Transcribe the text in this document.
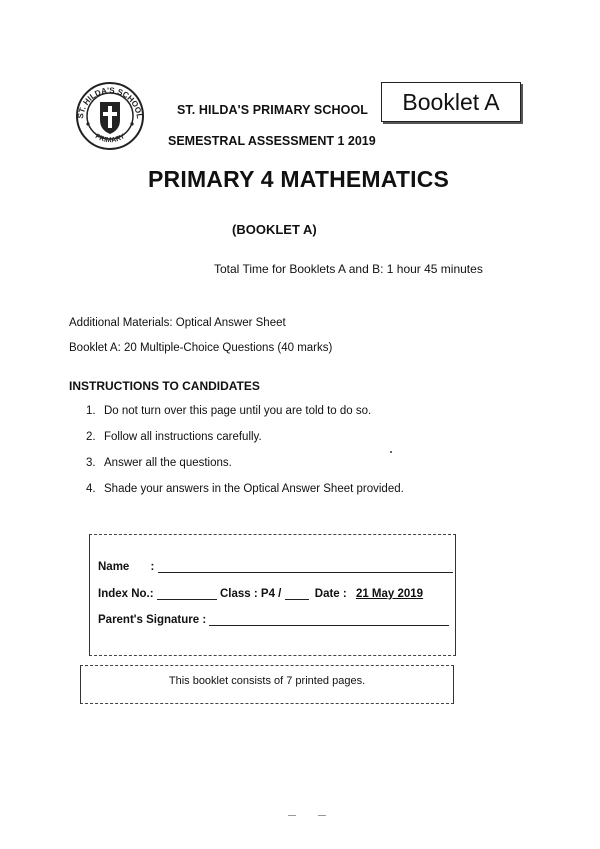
ST. HILDA'S SCHOOL
PRIMARY
ST. HILDA'S PRIMARY SCHOOL Booklet A
SEMESTRAL ASSESSMENT 1 2019
PRIMARY 4 MATHEMATICS
(BOOKLET A)
Total Time for Booklets A and B: 1 hour 45 minutes
Additional Materials: Optical Answer Sheet
Booklet A: 20 Multiple-Choice Questions (40 marks)
INSTRUCTIONS TO CANDIDATES
1. Do not turn over this page until you are told to do so.
2. Follow all instructions carefully.
3. Answer all the questions.
4. Shade your answers in the Optical Answer Sheet provided.
Name :
Index No.:	Class : P4 /	Date : 21 May 2019
Parent's Signature :
This booklet consists of 7 printed pages.
